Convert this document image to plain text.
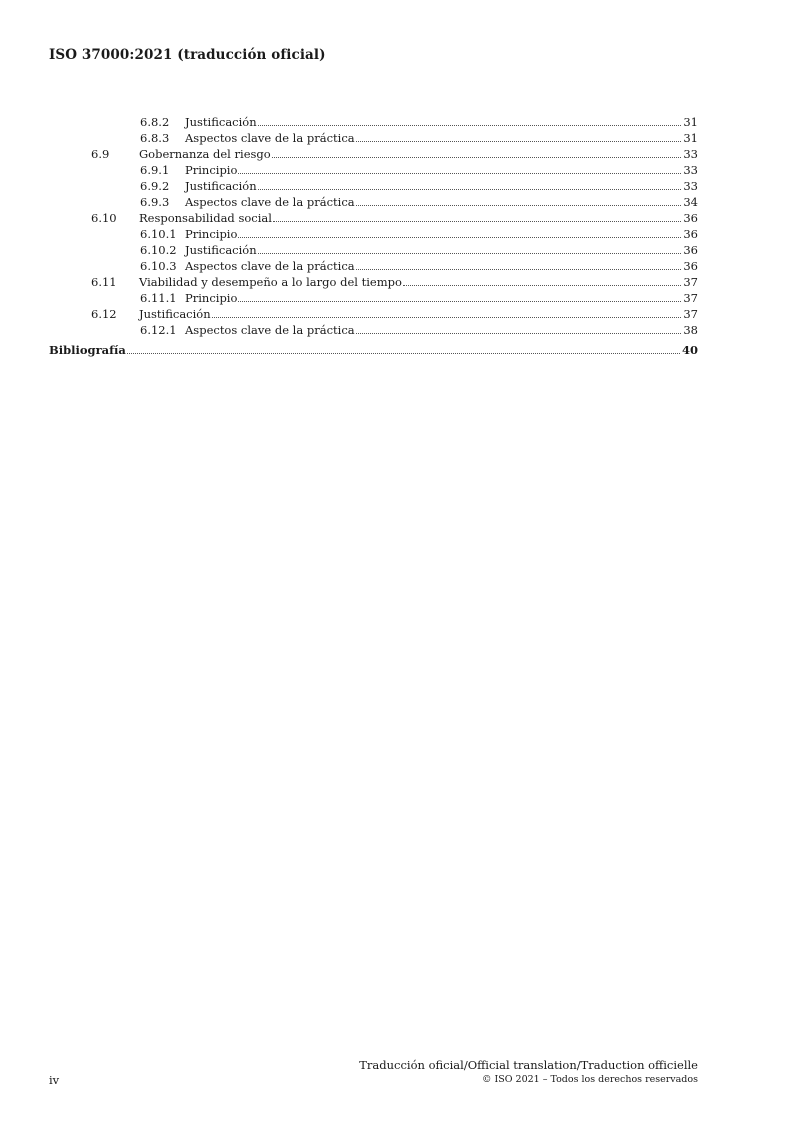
ISO 37000:2021 (traducción oficial)
6.8.2	Justificación	31
6.8.3	Aspectos clave de la práctica	31
6.9	Gobernanza del riesgo	33
6.9.1	Principio	33
6.9.2	Justificación	33
6.9.3	Aspectos clave de la práctica	34
6.10	Responsabilidad social	36
6.10.1 Principio	36
6.10.2 Justificación	36
6.10.3 Aspectos clave de la práctica	36
6.11	Viabilidad y desempeño a lo largo del tiempo	37
6.11.1 Principio	37
6.12	Justificación	37
6.12.1 Aspectos clave de la práctica	38
Bibliografía	40
Traducción oficial/Official translation/Traduction officielle
© ISO 2021 – Todos los derechos reservados
iv
